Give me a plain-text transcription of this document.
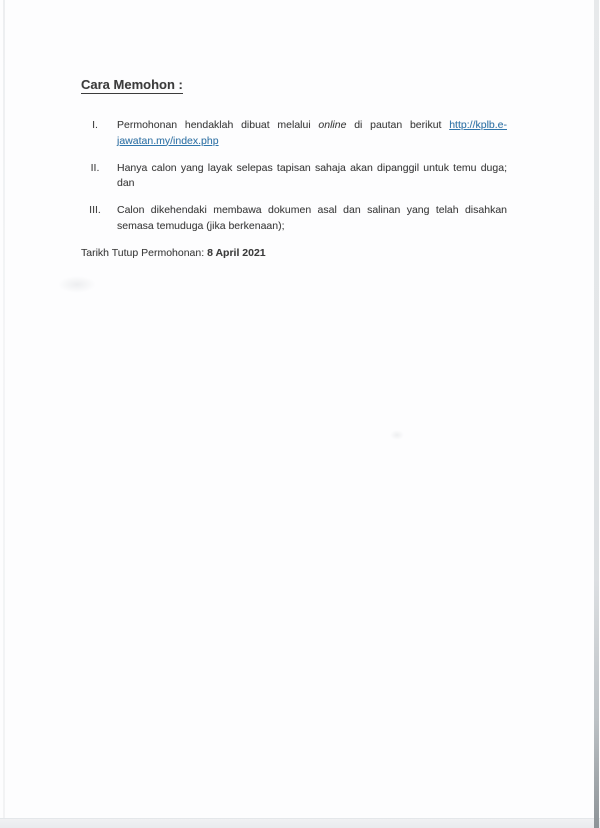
Cara Memohon :
I.	Permohonan hendaklah dibuat melalui online di pautan berikut http://kplb.e-jawatan.my/index.php

II.	Hanya calon yang layak selepas tapisan sahaja akan dipanggil untuk temu duga; dan

III.	Calon dikehendaki membawa dokumen asal dan salinan yang telah disahkan semasa temuduga (jika berkenaan);

Tarikh Tutup Permohonan: 8 April 2021
